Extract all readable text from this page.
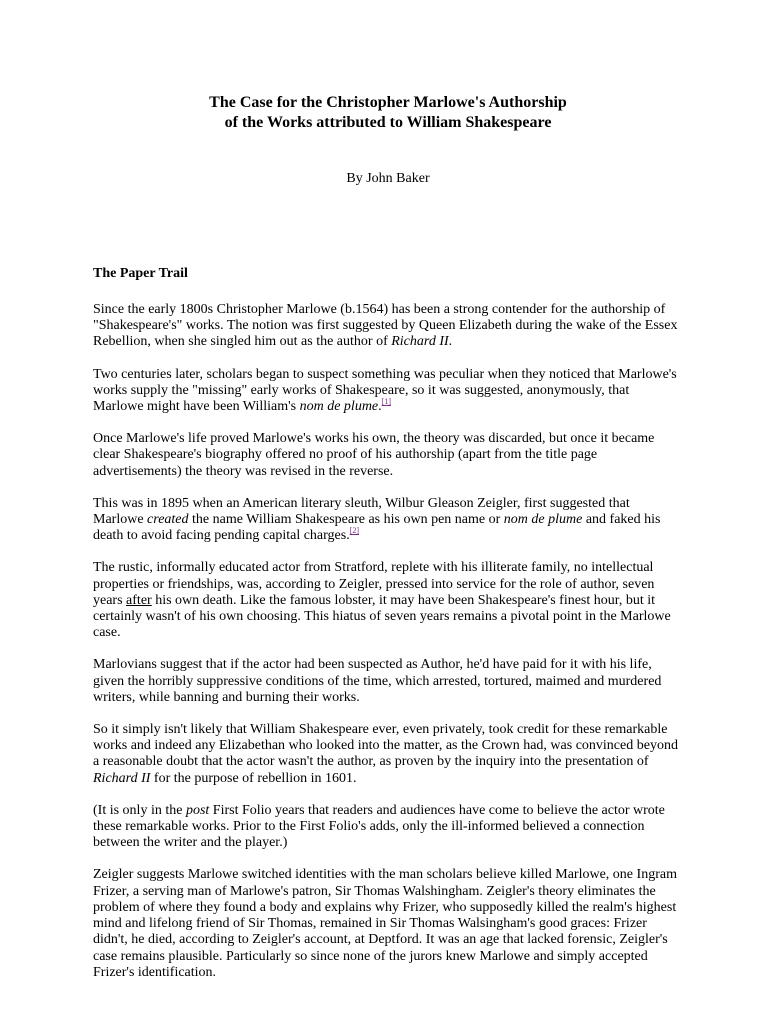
The Case for the Christopher Marlowe's Authorship
of the Works attributed to William Shakespeare

By John Baker

The Paper Trail

Since the early 1800s Christopher Marlowe (b.1564) has been a strong contender for the authorship of "Shakespeare's" works. The notion was first suggested by Queen Elizabeth during the wake of the Essex Rebellion, when she singled him out as the author of Richard II.

Two centuries later, scholars began to suspect something was peculiar when they noticed that Marlowe's works supply the "missing" early works of Shakespeare, so it was suggested, anonymously, that Marlowe might have been William's nom de plume.[1]

Once Marlowe's life proved Marlowe's works his own, the theory was discarded, but once it became clear Shakespeare's biography offered no proof of his authorship (apart from the title page advertisements) the theory was revised in the reverse.

This was in 1895 when an American literary sleuth, Wilbur Gleason Zeigler, first suggested that Marlowe created the name William Shakespeare as his own pen name or nom de plume and faked his death to avoid facing pending capital charges.[2]

The rustic, informally educated actor from Stratford, replete with his illiterate family, no intellectual properties or friendships, was, according to Zeigler, pressed into service for the role of author, seven years after his own death. Like the famous lobster, it may have been Shakespeare's finest hour, but it certainly wasn't of his own choosing. This hiatus of seven years remains a pivotal point in the Marlowe case.

Marlovians suggest that if the actor had been suspected as Author, he'd have paid for it with his life, given the horribly suppressive conditions of the time, which arrested, tortured, maimed and murdered writers, while banning and burning their works.

So it simply isn't likely that William Shakespeare ever, even privately, took credit for these remarkable works and indeed any Elizabethan who looked into the matter, as the Crown had, was convinced beyond a reasonable doubt that the actor wasn't the author, as proven by the inquiry into the presentation of Richard II for the purpose of rebellion in 1601.

(It is only in the post First Folio years that readers and audiences have come to believe the actor wrote these remarkable works. Prior to the First Folio's adds, only the ill-informed believed a connection between the writer and the player.)

Zeigler suggests Marlowe switched identities with the man scholars believe killed Marlowe, one Ingram Frizer, a serving man of Marlowe's patron, Sir Thomas Walshingham. Zeigler's theory eliminates the problem of where they found a body and explains why Frizer, who supposedly killed the realm's highest mind and lifelong friend of Sir Thomas, remained in Sir Thomas Walsingham's good graces: Frizer didn't, he died, according to Zeigler's account, at Deptford. It was an age that lacked forensic, Zeigler's case remains plausible. Particularly so since none of the jurors knew Marlowe and simply accepted Frizer's identification.
